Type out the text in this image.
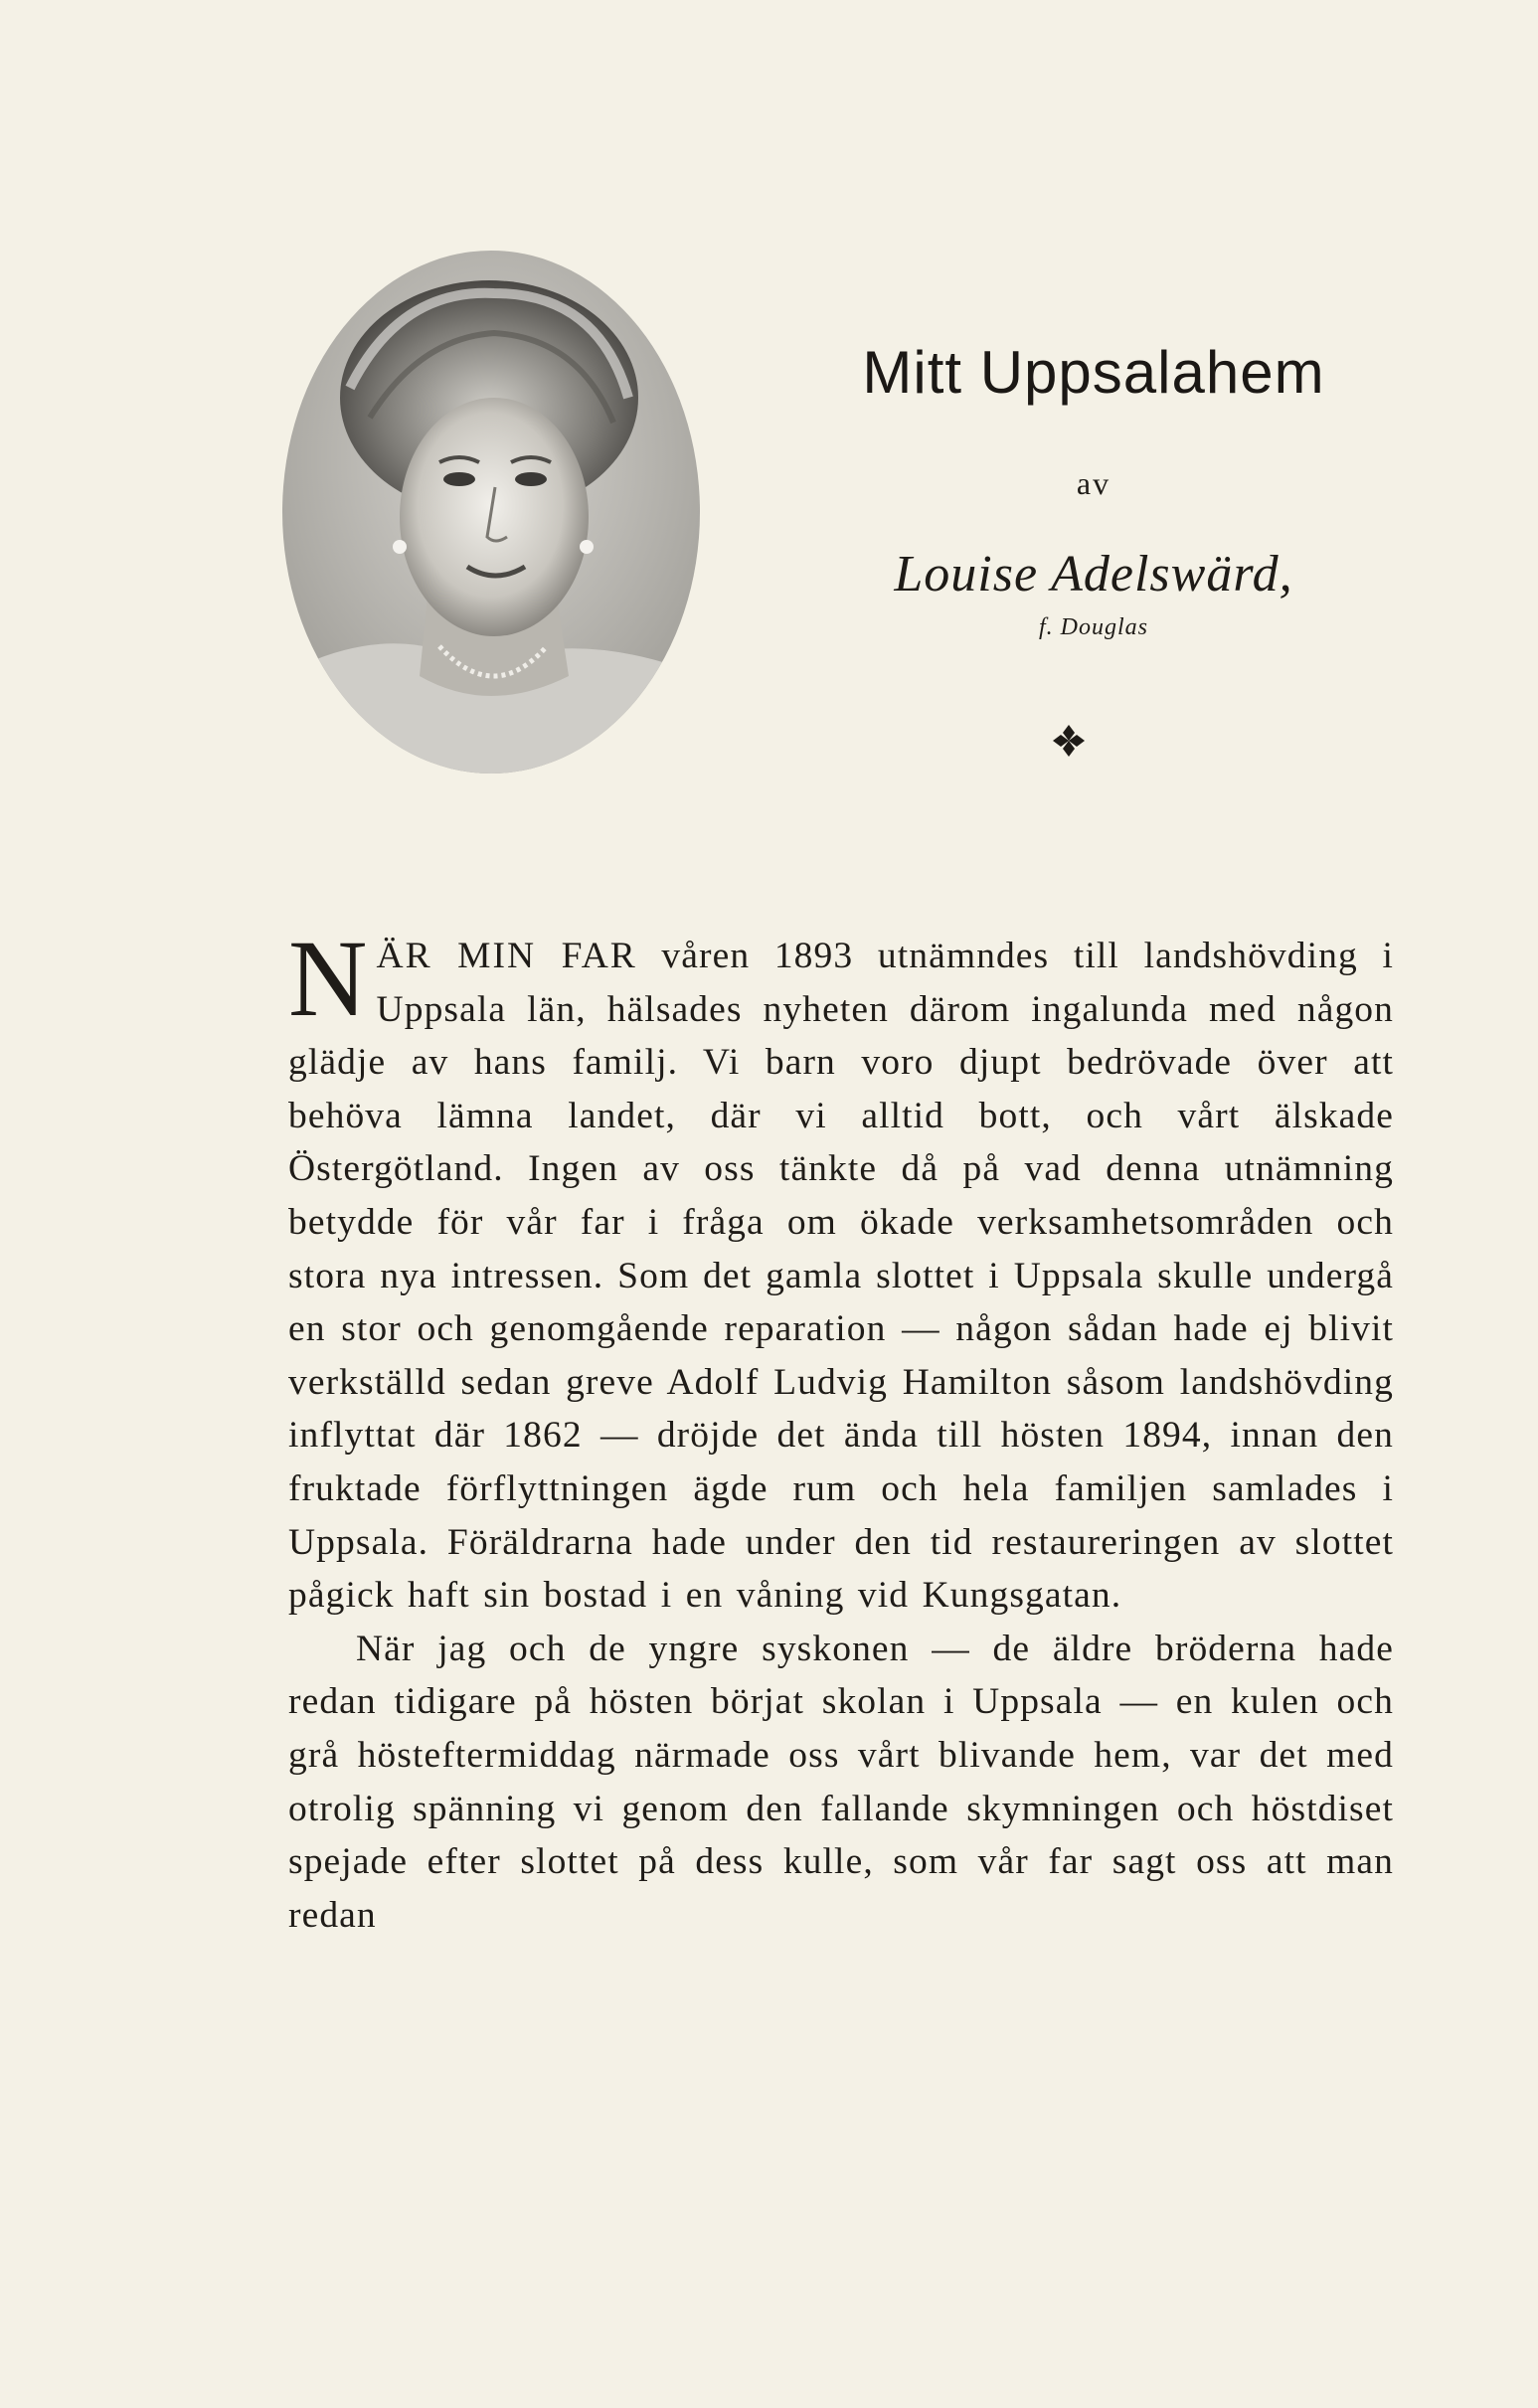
Mitt Uppsalahem
av
Louise Adelswärd,
f. Douglas

NÄR MIN FAR våren 1893 utnämndes till landshövding i Uppsala län, hälsades nyheten därom ingalunda med någon glädje av hans familj. Vi barn voro djupt bedrövade över att behöva lämna landet, där vi alltid bott, och vårt älskade Östergötland. Ingen av oss tänkte då på vad denna utnämning betydde för vår far i fråga om ökade verksamhetsområden och stora nya intressen. Som det gamla slottet i Uppsala skulle undergå en stor och genomgående reparation — någon sådan hade ej blivit verkställd sedan greve Adolf Ludvig Hamilton såsom landshövding inflyttat där 1862 — dröjde det ända till hösten 1894, innan den fruktade förflyttningen ägde rum och hela familjen samlades i Uppsala. Föräldrarna hade under den tid restaureringen av slottet pågick haft sin bostad i en våning vid Kungsgatan.

När jag och de yngre syskonen — de äldre bröderna hade redan tidigare på hösten börjat skolan i Uppsala — en kulen och grå hösteftermiddag närmade oss vårt blivande hem, var det med otrolig spänning vi genom den fallande skymningen och höstdiset spejade efter slottet på dess kulle, som vår far sagt oss att man redan
